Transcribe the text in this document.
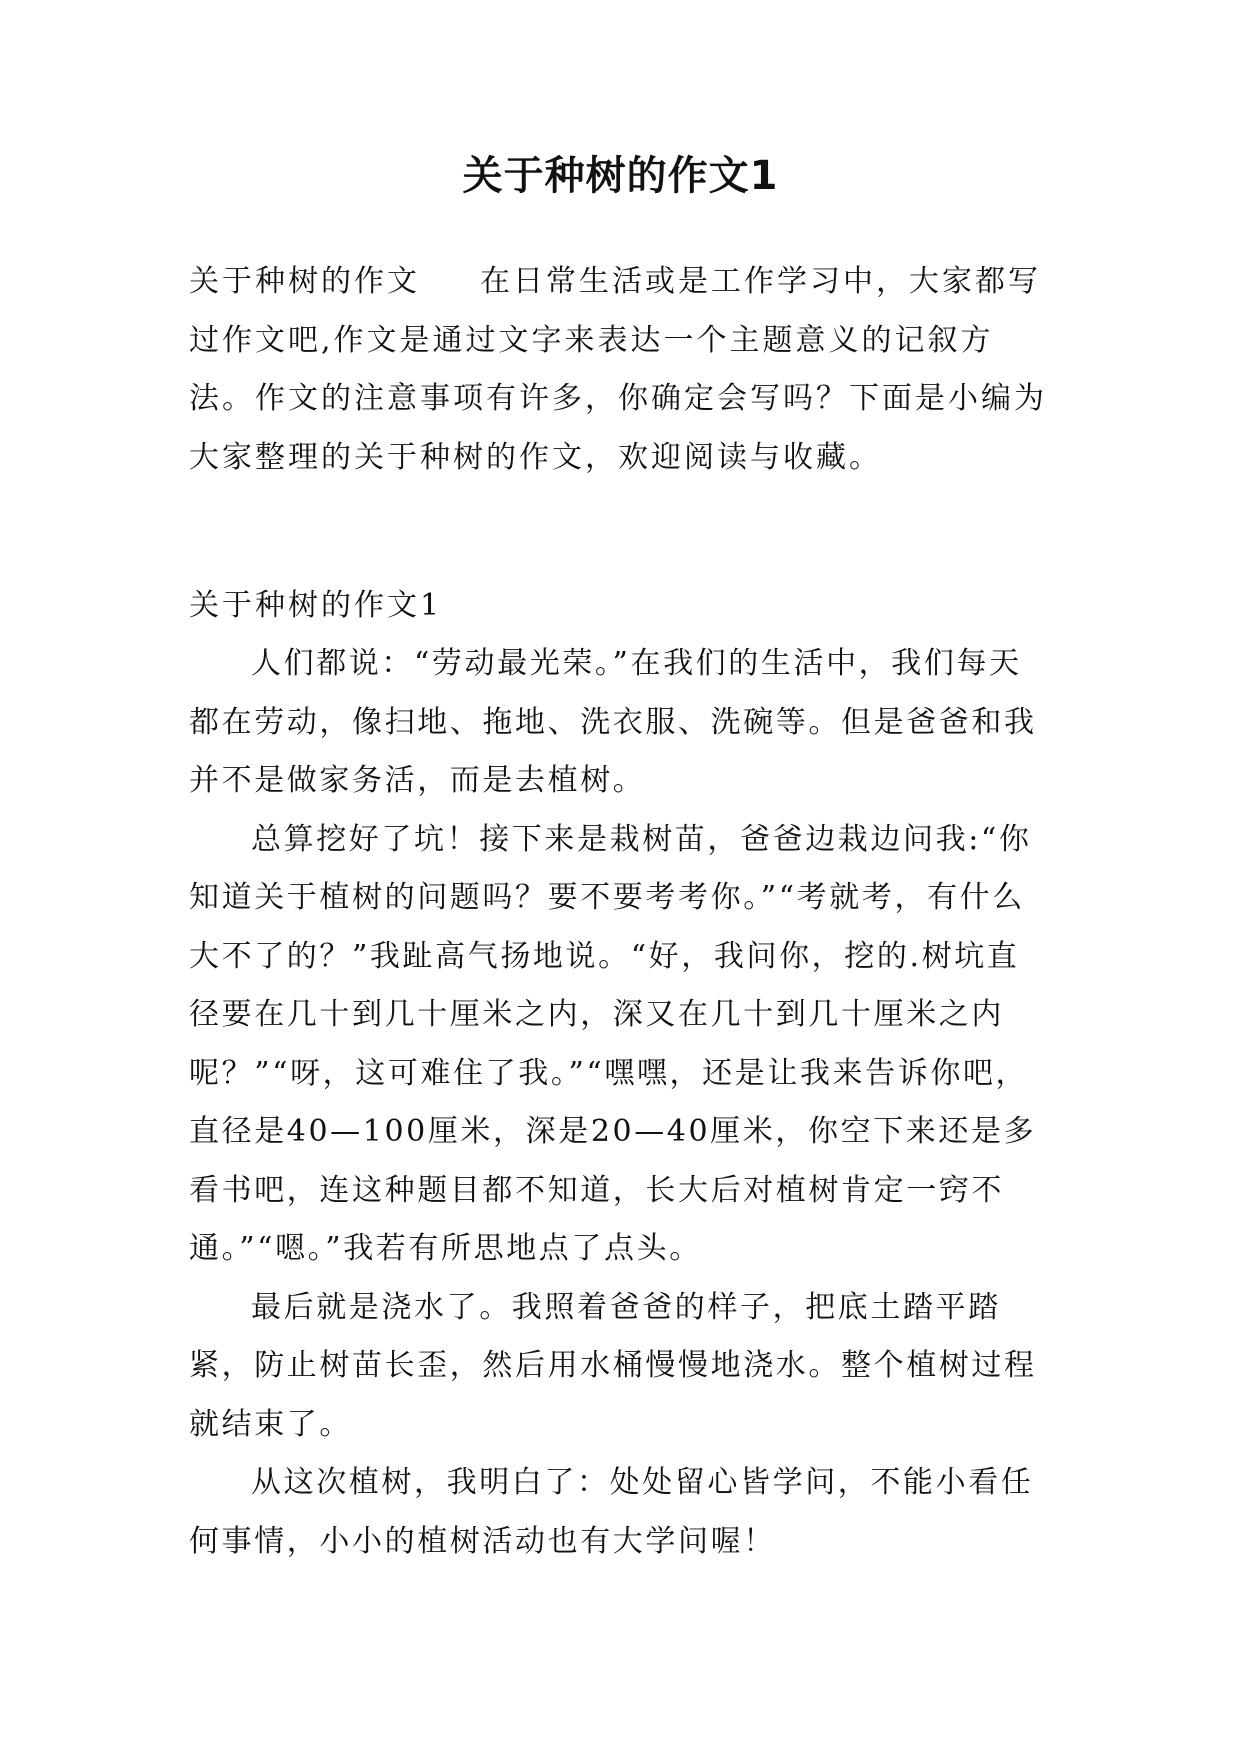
关于种树的作文1

关于种树的作文 在日常生活或是工作学习中，大家都写过作文吧,作文是通过文字来表达一个主题意义的记叙方法。作文的注意事项有许多，你确定会写吗？下面是小编为大家整理的关于种树的作文，欢迎阅读与收藏。

关于种树的作文1

人们都说：“劳动最光荣。”在我们的生活中，我们每天都在劳动，像扫地、拖地、洗衣服、洗碗等。但是爸爸和我并不是做家务活，而是去植树。

总算挖好了坑！接下来是栽树苗，爸爸边栽边问我:“你知道关于植树的问题吗？要不要考考你。”“考就考，有什么大不了的？”我趾高气扬地说。“好，我问你，挖的.树坑直径要在几十到几十厘米之内，深又在几十到几十厘米之内呢？”“呀，这可难住了我。”“嘿嘿，还是让我来告诉你吧，直径是40—100厘米，深是20—40厘米，你空下来还是多看书吧，连这种题目都不知道，长大后对植树肯定一窍不通。”“嗯。”我若有所思地点了点头。

最后就是浇水了。我照着爸爸的样子，把底土踏平踏紧，防止树苗长歪，然后用水桶慢慢地浇水。整个植树过程就结束了。

从这次植树，我明白了：处处留心皆学问，不能小看任何事情，小小的植树活动也有大学问喔！
